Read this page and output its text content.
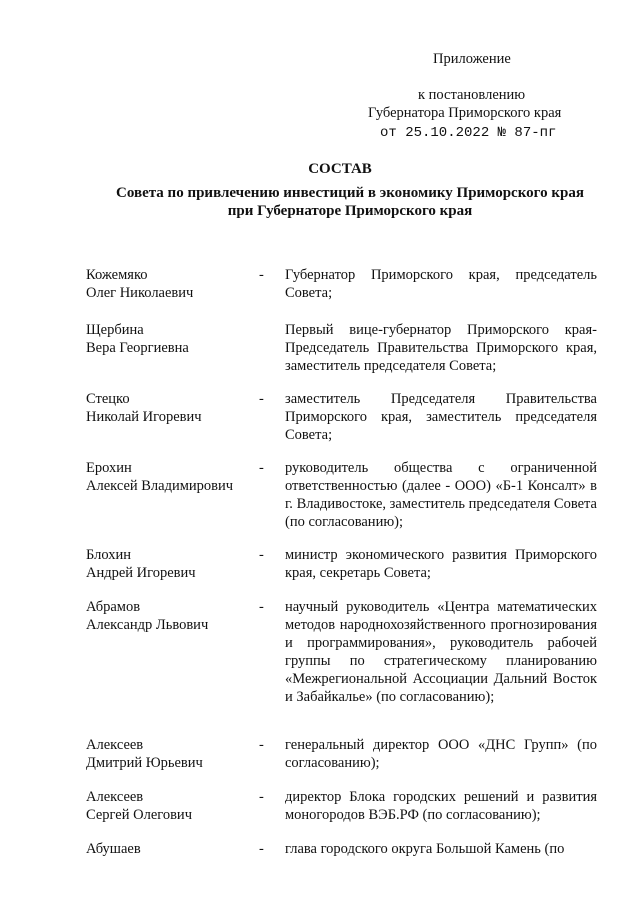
Приложение
к постановлению
Губернатора Приморского края
от 25.10.2022 № 87-пг
СОСТАВ
Совета по привлечению инвестиций в экономику Приморского края
при Губернаторе Приморского края
Кожемяко
Олег Николаевич
-	Губернатор Приморского края, председатель Совета;
Щербина
Вера Георгиевна
Первый вице-губернатор Приморского края-Председатель Правительства Приморского края, заместитель председателя Совета;
Стецко
Николай Игоревич
-	заместитель Председателя Правительства Приморского края, заместитель председателя Совета;
Ерохин
Алексей Владимирович
-	руководитель общества с ограниченной ответственностью (далее - ООО) «Б-1 Консалт» в г. Владивостоке, заместитель председателя Совета (по согласованию);
Блохин
Андрей Игоревич
-	министр экономического развития Приморского края, секретарь Совета;
Абрамов
Александр Львович
-	научный руководитель «Центра математических методов народнохозяйственного прогнозирования и программирования», руководитель рабочей группы по стратегическому планированию «Межрегиональной Ассоциации Дальний Восток и Забайкалье» (по согласованию);
Алексеев
Дмитрий Юрьевич
-	генеральный директор ООО «ДНС Групп» (по согласованию);
Алексеев
Сергей Олегович
-	директор Блока городских решений и развития моногородов ВЭБ.РФ (по согласованию);
Абушаев	-	глава городского округа Большой Камень (по
